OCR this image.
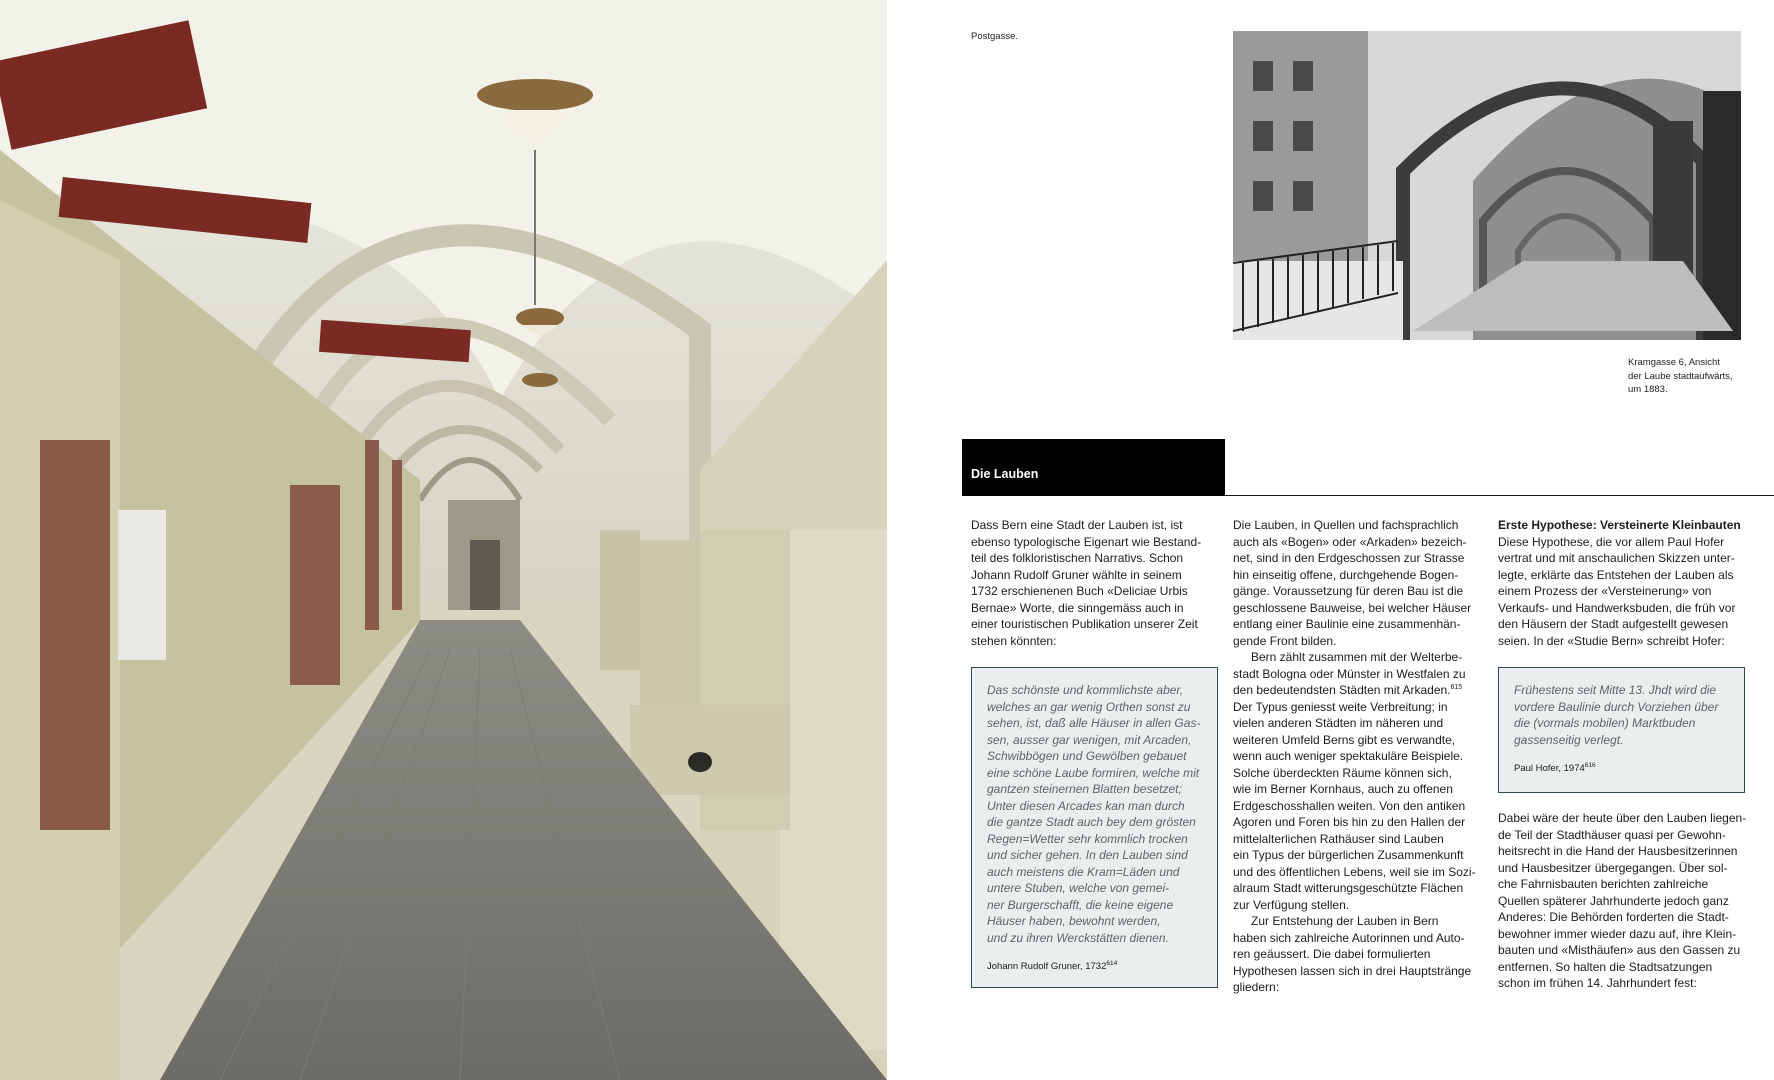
Postgasse.
Kramgasse 6, Ansicht
der Laube stadtaufwärts,
um 1883.
Die Lauben

Dass Bern eine Stadt der Lauben ist, ist
ebenso typologische Eigenart wie Bestand-
teil des folkloristischen Narrativs. Schon
Johann Rudolf Gruner wählte in seinem
1732 erschienenen Buch «Deliciae Urbis
Bernae» Worte, die sinngemäss auch in
einer touristischen Publikation unserer Zeit
stehen könnten:

Das schönste und kommlichste aber,
welches an gar wenig Orthen sonst zu
sehen, ist, daß alle Häuser in allen Gas-
sen, ausser gar wenigen, mit Arcaden,
Schwibbögen und Gewölben gebauet
eine schöne Laube formiren, welche mit
gantzen steinernen Blatten besetzet;
Unter diesen Arcades kan man durch
die gantze Stadt auch bey dem grösten
Regen=Wetter sehr kommlich trocken
und sicher gehen. In den Lauben sind
auch meistens die Kram=Läden und
untere Stuben, welche von gemei-
ner Burgerschafft, die keine eigene
Häuser haben, bewohnt werden,
und zu ihren Werckstätten dienen.

Johann Rudolf Gruner, 1732$^{614}$

Die Lauben, in Quellen und fachsprachlich
auch als «Bogen» oder «Arkaden» bezeich-
net, sind in den Erdgeschossen zur Strasse
hin einseitig offene, durchgehende Bogen-
gänge. Voraussetzung für deren Bau ist die
geschlossene Bauweise, bei welcher Häuser
entlang einer Baulinie eine zusammenhän-
gende Front bilden.

Bern zählt zusammen mit der Welterbe-
stadt Bologna oder Münster in Westfalen zu
den bedeutendsten Städten mit Arkaden.$^{615}$
Der Typus geniesst weite Verbreitung; in
vielen anderen Städten im näheren und
weiteren Umfeld Berns gibt es verwandte,
wenn auch weniger spektakuläre Beispiele.
Solche überdeckten Räume können sich,
wie im Berner Kornhaus, auch zu offenen
Erdgeschosshallen weiten. Von den antiken
Agoren und Foren bis hin zu den Hallen der
mittelalterlichen Rathäuser sind Lauben
ein Typus der bürgerlichen Zusammenkunft
und des öffentlichen Lebens, weil sie im Sozi-
alraum Stadt witterungsgeschützte Flächen
zur Verfügung stellen.

Zur Entstehung der Lauben in Bern
haben sich zahlreiche Autorinnen und Auto-
ren geäussert. Die dabei formulierten
Hypothesen lassen sich in drei Hauptstränge
gliedern:

Erste Hypothese: Versteinerte Kleinbauten

Diese Hypothese, die vor allem Paul Hofer
vertrat und mit anschaulichen Skizzen unter-
legte, erklärte das Entstehen der Lauben als
einem Prozess der «Versteinerung» von
Verkaufs- und Handwerksbuden, die früh vor
den Häusern der Stadt aufgestellt gewesen
seien. In der «Studie Bern» schreibt Hofer:

Frühestens seit Mitte 13. Jhdt wird die
vordere Baulinie durch Vorziehen über
die (vormals mobilen) Marktbuden
gassenseitig verlegt.

Paul Hofer, 1974$^{616}$

Dabei wäre der heute über den Lauben liegen-
de Teil der Stadthäuser quasi per Gewohn-
heitsrecht in die Hand der Hausbesitzerinnen
und Hausbesitzer übergegangen. Über sol-
che Fahrnisbauten berichten zahlreiche
Quellen späterer Jahrhunderte jedoch ganz
Anderes: Die Behörden forderten die Stadt-
bewohner immer wieder dazu auf, ihre Klein-
bauten und «Misthäufen» aus den Gassen zu
entfernen. So halten die Stadtsatzungen
schon im frühen 14. Jahrhundert fest:
